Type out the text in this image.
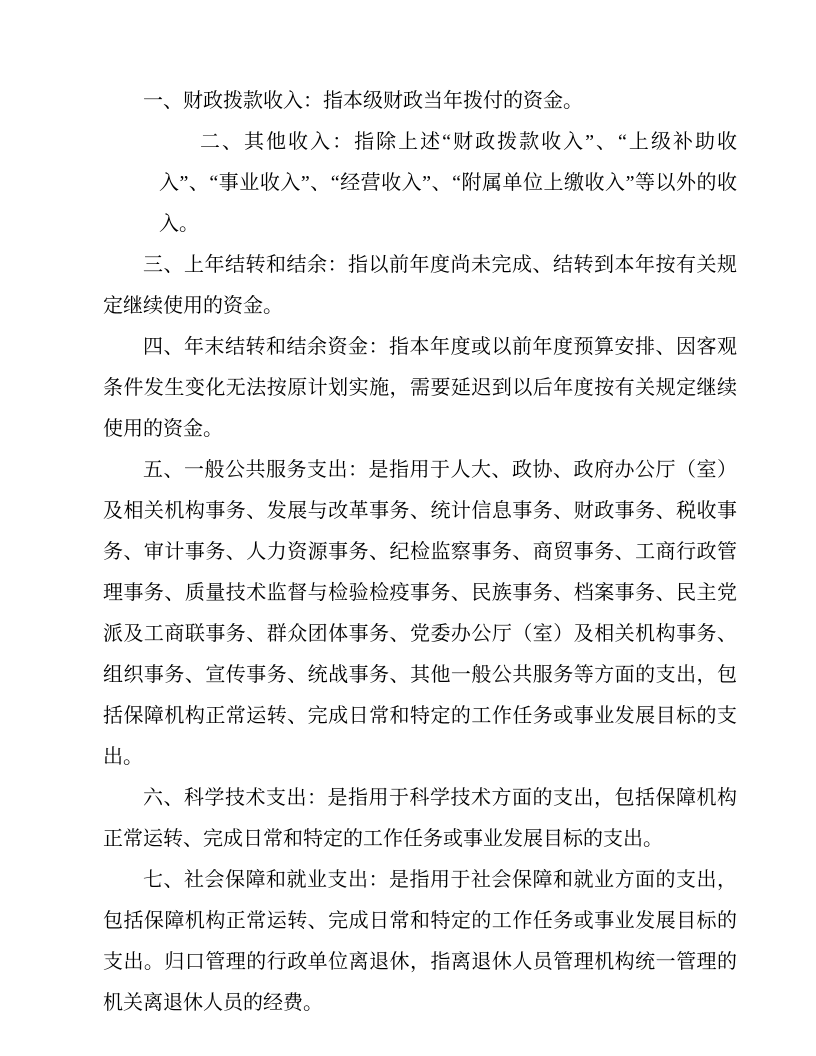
一、财政拨款收入：指本级财政当年拨付的资金。

二、其他收入：指除上述“财政拨款收入”、“上级补助收入”、“事业收入”、“经营收入”、“附属单位上缴收入”等以外的收入。

三、上年结转和结余：指以前年度尚未完成、结转到本年按有关规定继续使用的资金。

四、年末结转和结余资金：指本年度或以前年度预算安排、因客观条件发生变化无法按原计划实施，需要延迟到以后年度按有关规定继续使用的资金。

五、一般公共服务支出：是指用于人大、政协、政府办公厅（室）及相关机构事务、发展与改革事务、统计信息事务、财政事务、税收事务、审计事务、人力资源事务、纪检监察事务、商贸事务、工商行政管理事务、质量技术监督与检验检疫事务、民族事务、档案事务、民主党派及工商联事务、群众团体事务、党委办公厅（室）及相关机构事务、组织事务、宣传事务、统战事务、其他一般公共服务等方面的支出，包括保障机构正常运转、完成日常和特定的工作任务或事业发展目标的支出。

六、科学技术支出：是指用于科学技术方面的支出，包括保障机构正常运转、完成日常和特定的工作任务或事业发展目标的支出。

七、社会保障和就业支出：是指用于社会保障和就业方面的支出，包括保障机构正常运转、完成日常和特定的工作任务或事业发展目标的支出。归口管理的行政单位离退休，指离退休人员管理机构统一管理的机关离退休人员的经费。
